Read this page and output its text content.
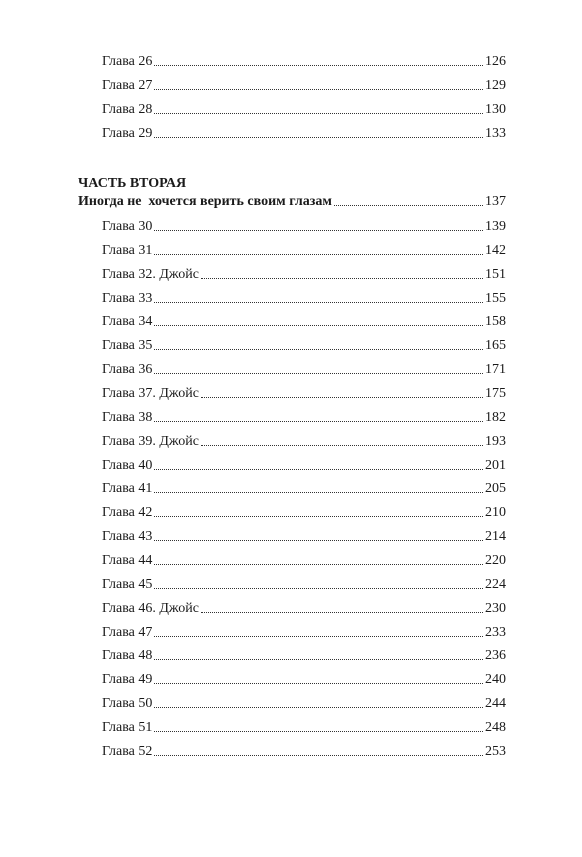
Глава 26	126
Глава 27	129
Глава 28	130
Глава 29	133
ЧАСТЬ ВТОРАЯ
Иногда не  хочется верить своим глазам	137
Глава 30	139
Глава 31	142
Глава 32. Джойс	151
Глава 33	155
Глава 34	158
Глава 35	165
Глава 36	171
Глава 37. Джойс	175
Глава 38	182
Глава 39. Джойс	193
Глава 40	201
Глава 41	205
Глава 42	210
Глава 43	214
Глава 44	220
Глава 45	224
Глава 46. Джойс	230
Глава 47	233
Глава 48	236
Глава 49	240
Глава 50	244
Глава 51	248
Глава 52	253
